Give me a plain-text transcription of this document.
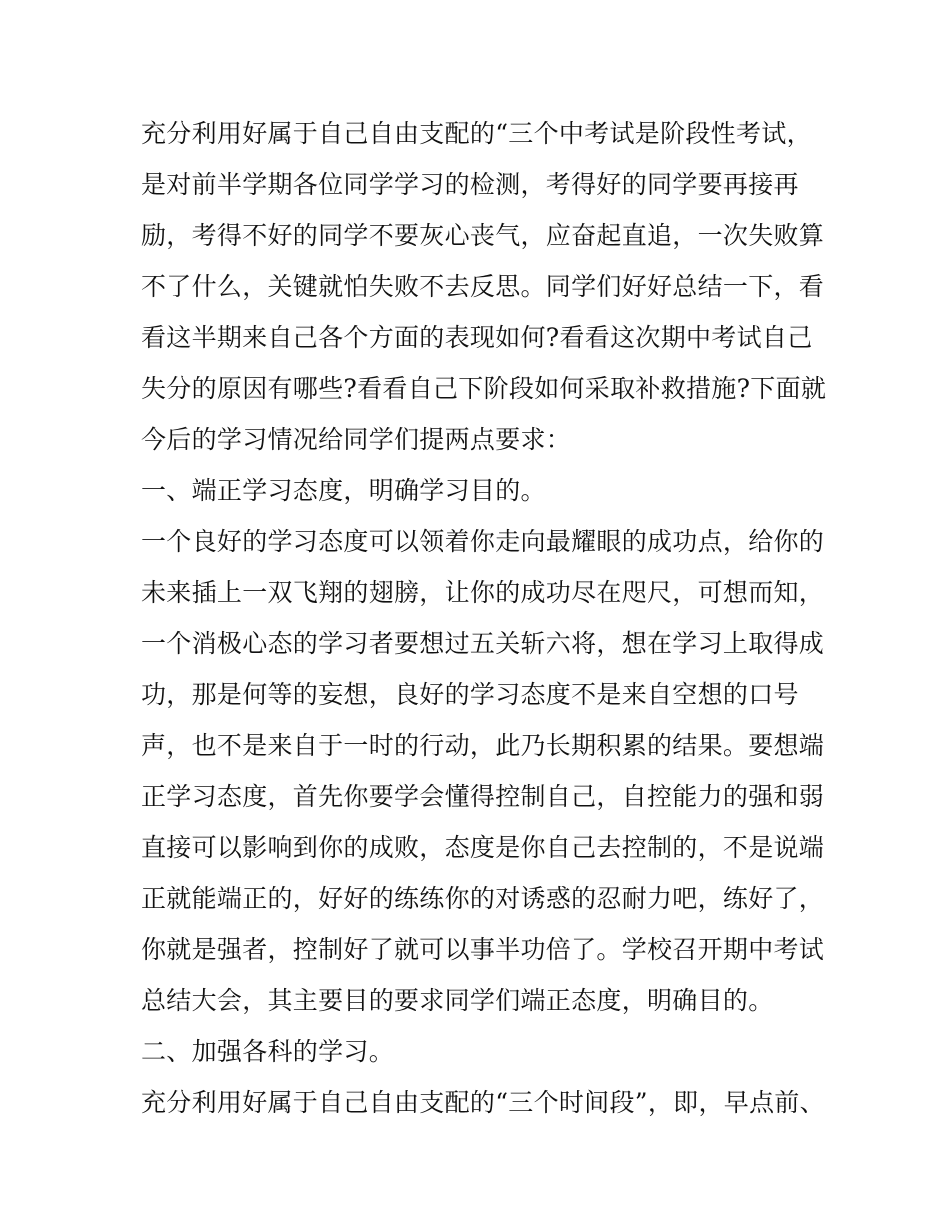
充分利用好属于自己自由支配的“三个中考试是阶段性考试，
是对前半学期各位同学学习的检测，考得好的同学要再接再
励，考得不好的同学不要灰心丧气，应奋起直追，一次失败算
不了什么，关键就怕失败不去反思。同学们好好总结一下，看
看这半期来自己各个方面的表现如何?看看这次期中考试自己
失分的原因有哪些?看看自己下阶段如何采取补救措施?下面就
今后的学习情况给同学们提两点要求：
一、端正学习态度，明确学习目的。
一个良好的学习态度可以领着你走向最耀眼的成功点，给你的
未来插上一双飞翔的翅膀，让你的成功尽在咫尺，可想而知，
一个消极心态的学习者要想过五关斩六将，想在学习上取得成
功，那是何等的妄想，良好的学习态度不是来自空想的口号
声，也不是来自于一时的行动，此乃长期积累的结果。要想端
正学习态度，首先你要学会懂得控制自己，自控能力的强和弱
直接可以影响到你的成败，态度是你自己去控制的，不是说端
正就能端正的，好好的练练你的对诱惑的忍耐力吧，练好了，
你就是强者，控制好了就可以事半功倍了。学校召开期中考试
总结大会，其主要目的要求同学们端正态度，明确目的。
二、加强各科的学习。
充分利用好属于自己自由支配的“三个时间段”，即，早点前、
